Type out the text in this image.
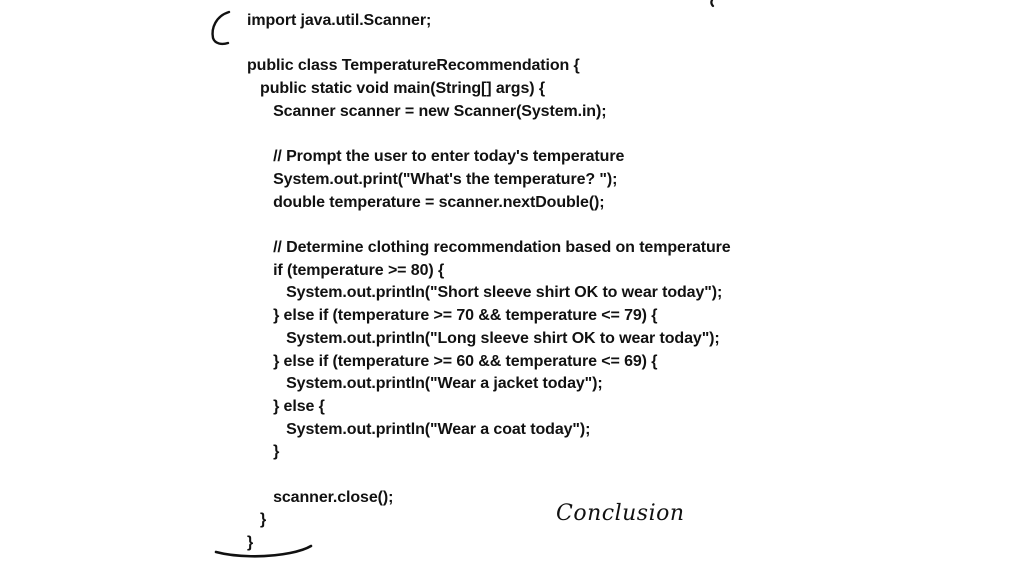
import java.util.Scanner;
public class TemperatureRecommendation {
public static void main(String[] args) {
Scanner scanner = new Scanner(System.in);
// Prompt the user to enter today's temperature
System.out.print("What's the temperature? ");
double temperature = scanner.nextDouble();
// Determine clothing recommendation based on temperature
if (temperature >= 80) {
System.out.println("Short sleeve shirt OK to wear today");
} else if (temperature >= 70 && temperature <= 79) {
System.out.println("Long sleeve shirt OK to wear today");
} else if (temperature >= 60 && temperature <= 69) {
System.out.println("Wear a jacket today");
} else {
System.out.println("Wear a coat today");
}
scanner.close();
}
}
Conclusion
